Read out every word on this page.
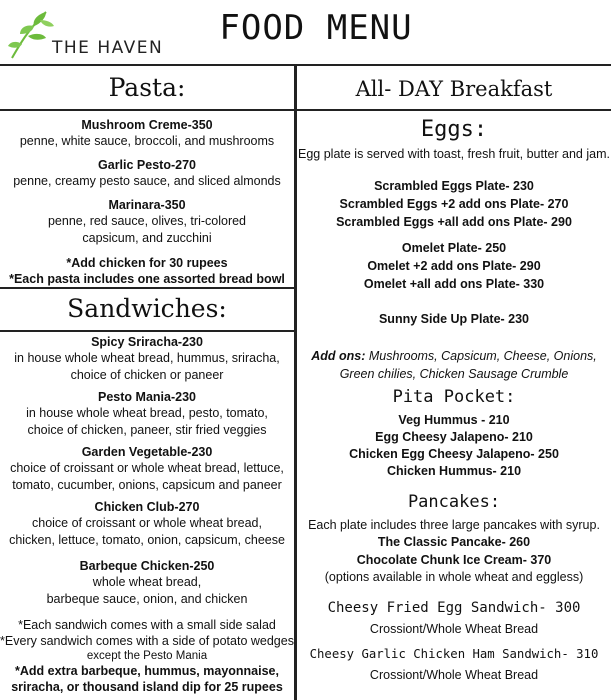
THE HAVEN	FOOD MENU
Pasta:
Mushroom Creme-350
penne, white sauce, broccoli, and mushrooms
Garlic Pesto-270
penne, creamy pesto sauce, and sliced almonds
Marinara-350
penne, red sauce, olives, tri-colored
capsicum, and zucchini
*Add chicken for 30 rupees
*Each pasta includes one assorted bread bowl
Sandwiches:
Spicy Sriracha-230
in house whole wheat bread, hummus, sriracha,
choice of chicken or paneer
Pesto Mania-230
in house whole wheat bread, pesto, tomato,
choice of chicken, paneer, stir fried veggies
Garden Vegetable-230
choice of croissant or whole wheat bread, lettuce,
tomato, cucumber, onions, capsicum and paneer
Chicken Club-270
choice of croissant or whole wheat bread,
chicken, lettuce, tomato, onion, capsicum, cheese
Barbeque Chicken-250
whole wheat bread,
barbeque sauce, onion, and chicken
*Each sandwich comes with a small side salad
*Every sandwich comes with a side of potato wedges
except the Pesto Mania
*Add extra barbeque, hummus, mayonnaise,
sriracha, or thousand island dip for 25 rupees
All- DAY Breakfast
Eggs:
Egg plate is served with toast, fresh fruit, butter and jam.
Scrambled Eggs Plate- 230
Scrambled Eggs +2 add ons Plate- 270
Scrambled Eggs +all add ons Plate- 290
Omelet Plate- 250
Omelet +2 add ons Plate- 290
Omelet +all add ons Plate- 330
Sunny Side Up Plate- 230
Add ons: Mushrooms, Capsicum, Cheese, Onions,
Green chilies, Chicken Sausage Crumble
Pita Pocket:
Veg Hummus - 210
Egg Cheesy Jalapeno- 210
Chicken Egg Cheesy Jalapeno- 250
Chicken Hummus- 210
Pancakes:
Each plate includes three large pancakes with syrup.
The Classic Pancake- 260
Chocolate Chunk Ice Cream- 370
(options available in whole wheat and eggless)
Cheesy Fried Egg Sandwich- 300
Crossiont/Whole Wheat Bread
Cheesy Garlic Chicken Ham Sandwich- 310
Crossiont/Whole Wheat Bread
